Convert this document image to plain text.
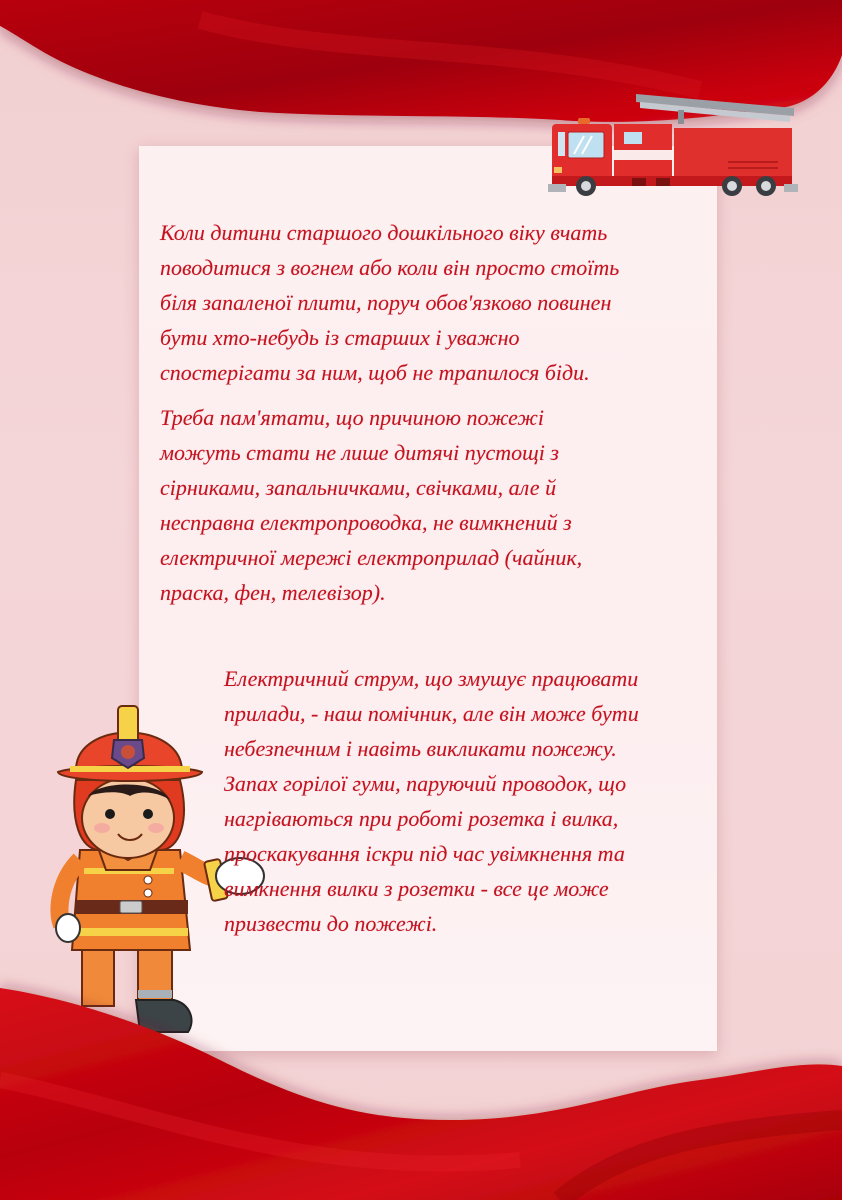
Коли дитини старшого дошкільного віку вчать

поводитися з вогнем або коли він просто стоїть

біля запаленої плити, поруч обов'язково повинен

бути хто-небудь із старших і уважно

спостерігати за ним, щоб не трапилося біди.

Треба пам'ятати, що причиною пожежі

можуть стати не лише дитячі пустощі з

сірниками, запальничками, свічками, але й

несправна електропроводка, не вимкнений з

електричної мережі електроприлад (чайник,

праска, фен, телевізор).

Електричний струм, що змушує працювати

прилади, - наш помічник, але він може бути

небезпечним і навіть викликати пожежу.

Запах горілої гуми, паруючий проводок, що

нагріваються при роботі розетка і вилка,

проскакування іскри під час увімкнення та

вимкнення вилки з розетки - все це може

призвести до пожежі.
